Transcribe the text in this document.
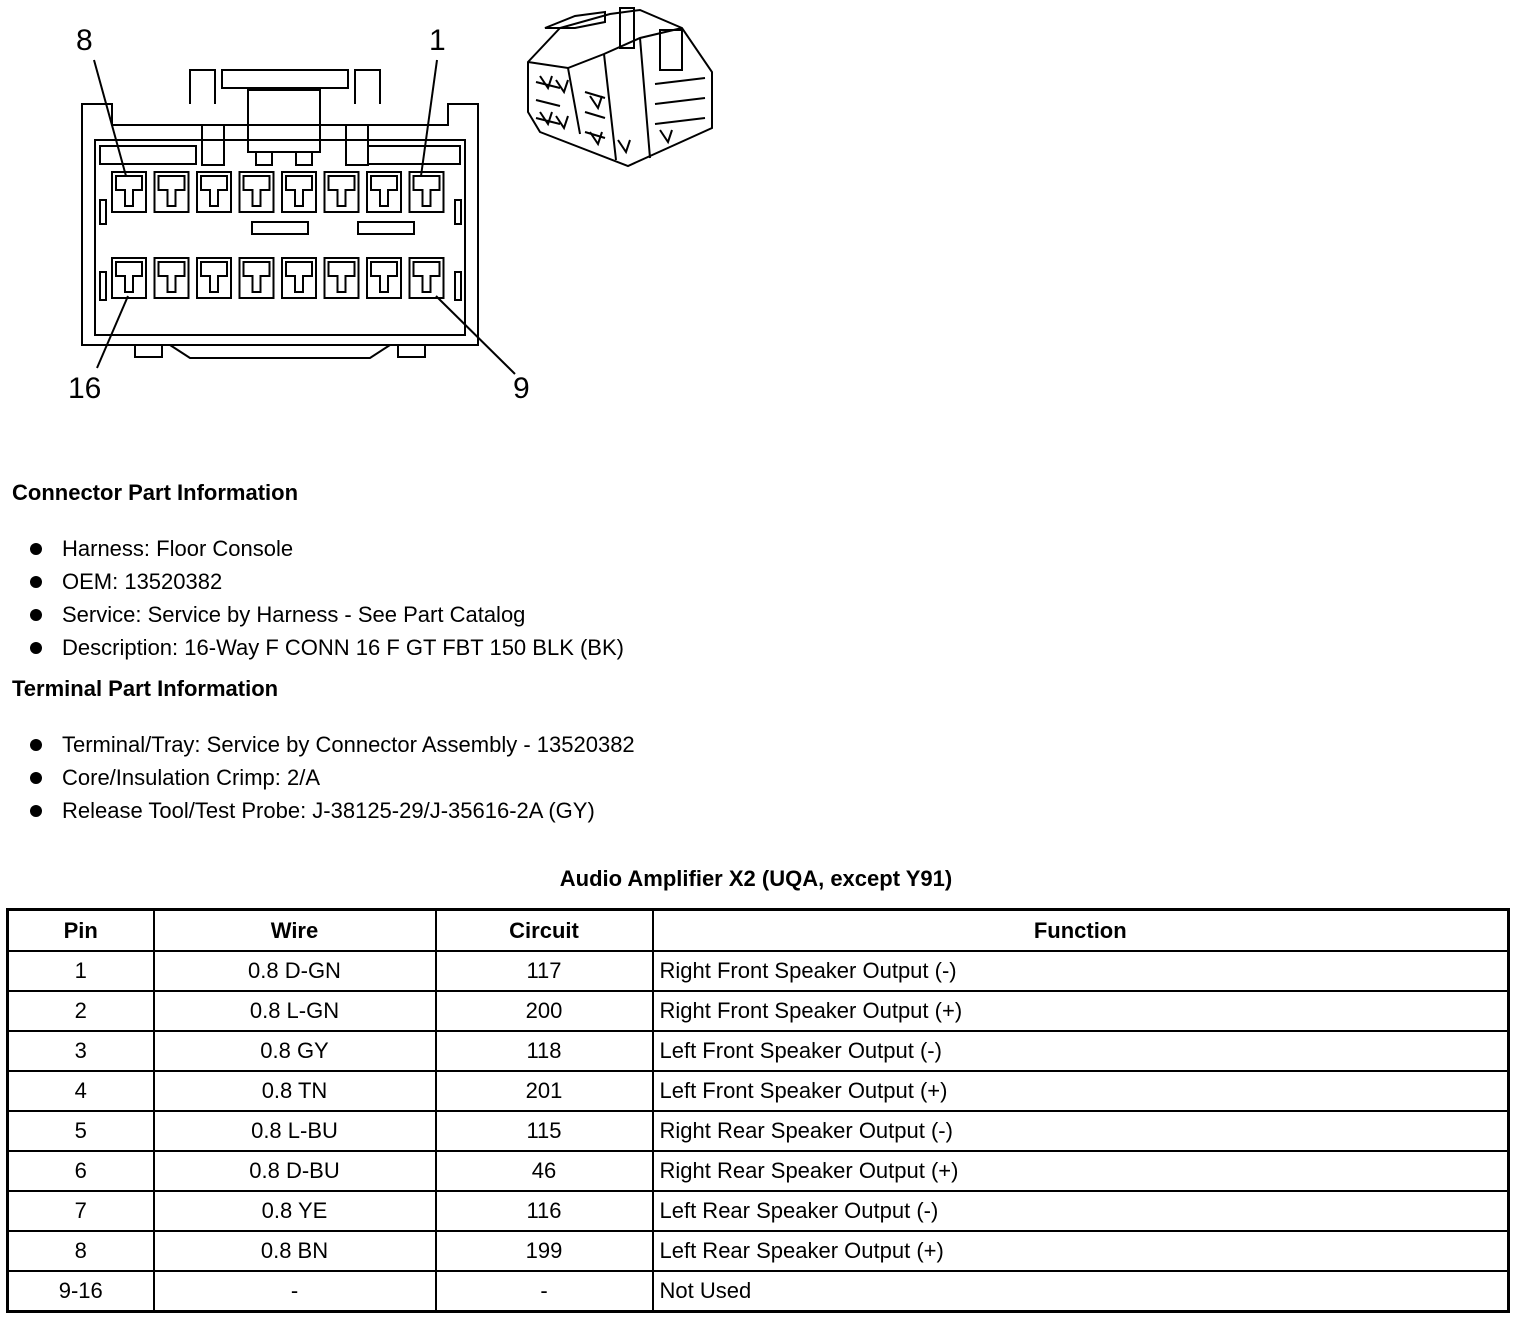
8	1
16	9
Connector Part Information
Harness: Floor Console
OEM: 13520382
Service: Service by Harness - See Part Catalog
Description: 16-Way F CONN 16 F GT FBT 150 BLK (BK)
Terminal Part Information
Terminal/Tray: Service by Connector Assembly - 13520382
Core/Insulation Crimp: 2/A
Release Tool/Test Probe: J-38125-29/J-35616-2A (GY)
Audio Amplifier X2 (UQA, except Y91)
Pin	Wire	Circuit	Function
1	0.8 D-GN	117	Right Front Speaker Output (-)
2	0.8 L-GN	200	Right Front Speaker Output (+)
3	0.8 GY	118	Left Front Speaker Output (-)
4	0.8 TN	201	Left Front Speaker Output (+)
5	0.8 L-BU	115	Right Rear Speaker Output (-)
6	0.8 D-BU	46	Right Rear Speaker Output (+)
7	0.8 YE	116	Left Rear Speaker Output (-)
8	0.8 BN	199	Left Rear Speaker Output (+)
9-16	-	-	Not Used
